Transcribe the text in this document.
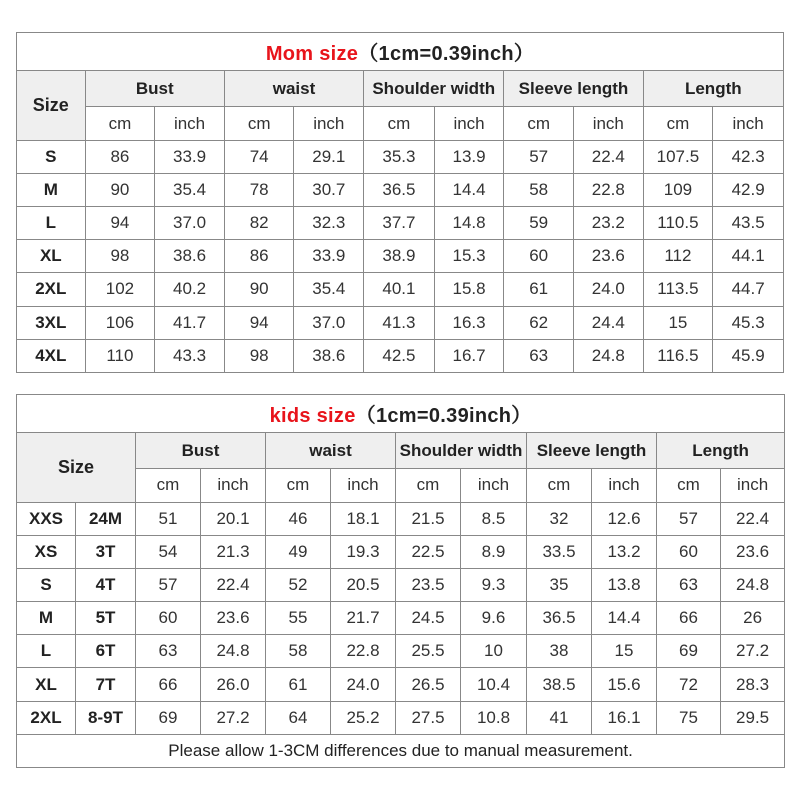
Mom size（1cm=0.39inch）										
Size	Bust		waist		Shoulder width		Sleeve length		Length	
	cm	inch	cm	inch	cm	inch	cm	inch	cm	inch
S	86	33.9	74	29.1	35.3	13.9	57	22.4	107.5	42.3
M	90	35.4	78	30.7	36.5	14.4	58	22.8	109	42.9
L	94	37.0	82	32.3	37.7	14.8	59	23.2	110.5	43.5
XL	98	38.6	86	33.9	38.9	15.3	60	23.6	112	44.1
2XL	102	40.2	90	35.4	40.1	15.8	61	24.0	113.5	44.7
3XL	106	41.7	94	37.0	41.3	16.3	62	24.4	15	45.3
4XL	110	43.3	98	38.6	42.5	16.7	63	24.8	116.5	45.9
kids size（1cm=0.39inch）											
Size		Bust		waist		Shoulder width		Sleeve length		Length	
		cm	inch	cm	inch	cm	inch	cm	inch	cm	inch
XXS	24M	51	20.1	46	18.1	21.5	8.5	32	12.6	57	22.4
XS	3T	54	21.3	49	19.3	22.5	8.9	33.5	13.2	60	23.6
S	4T	57	22.4	52	20.5	23.5	9.3	35	13.8	63	24.8
M	5T	60	23.6	55	21.7	24.5	9.6	36.5	14.4	66	26
L	6T	63	24.8	58	22.8	25.5	10	38	15	69	27.2
XL	7T	66	26.0	61	24.0	26.5	10.4	38.5	15.6	72	28.3
2XL	8-9T	69	27.2	64	25.2	27.5	10.8	41	16.1	75	29.5
Please allow 1-3CM differences due to manual measurement.											
